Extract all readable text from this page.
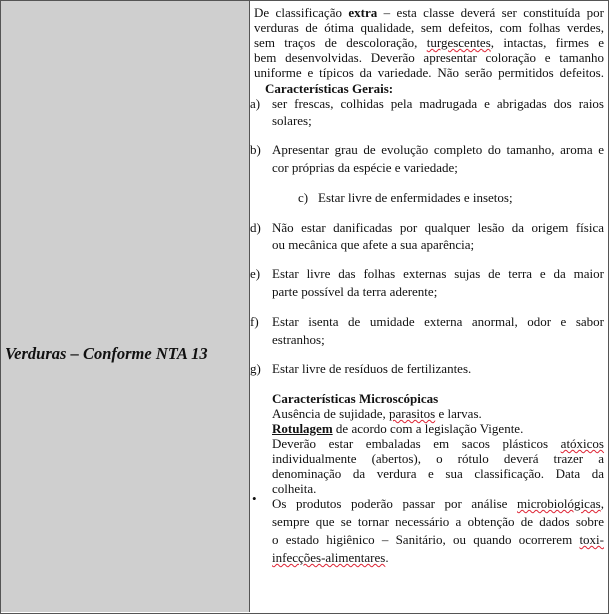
Verduras – Conforme NTA 13
De classificação extra – esta classe deverá ser constituída por
verduras de ótima qualidade, sem defeitos, com folhas verdes,
sem traços de descoloração, turgescentes, intactas, firmes e
bem desenvolvidas. Deverão apresentar coloração e tamanho
uniforme e típicos da variedade. Não serão permitidos defeitos.
Características Gerais:
a) ser frescas, colhidas pela madrugada e abrigadas dos raios
solares;
b) Apresentar grau de evolução completo do tamanho, aroma e
cor próprias da espécie e variedade;
c) Estar livre de enfermidades e insetos;
d) Não estar danificadas por qualquer lesão da origem física
ou mecânica que afete a sua aparência;
e) Estar livre das folhas externas sujas de terra e da maior
parte possível da terra aderente;
f) Estar isenta de umidade externa anormal, odor e sabor
estranhos;
g) Estar livre de resíduos de fertilizantes.
Características Microscópicas
Ausência de sujidade, parasitos e larvas.
Rotulagem de acordo com a legislação Vigente.
Deverão estar embaladas em sacos plásticos atóxicos
individualmente (abertos), o rótulo deverá trazer a
denominação da verdura e sua classificação. Data da
colheita.
• Os produtos poderão passar por análise microbiológicas,
sempre que se tornar necessário a obtenção de dados sobre
o estado higiênico – Sanitário, ou quando ocorrerem toxi-
infecções-alimentares.
